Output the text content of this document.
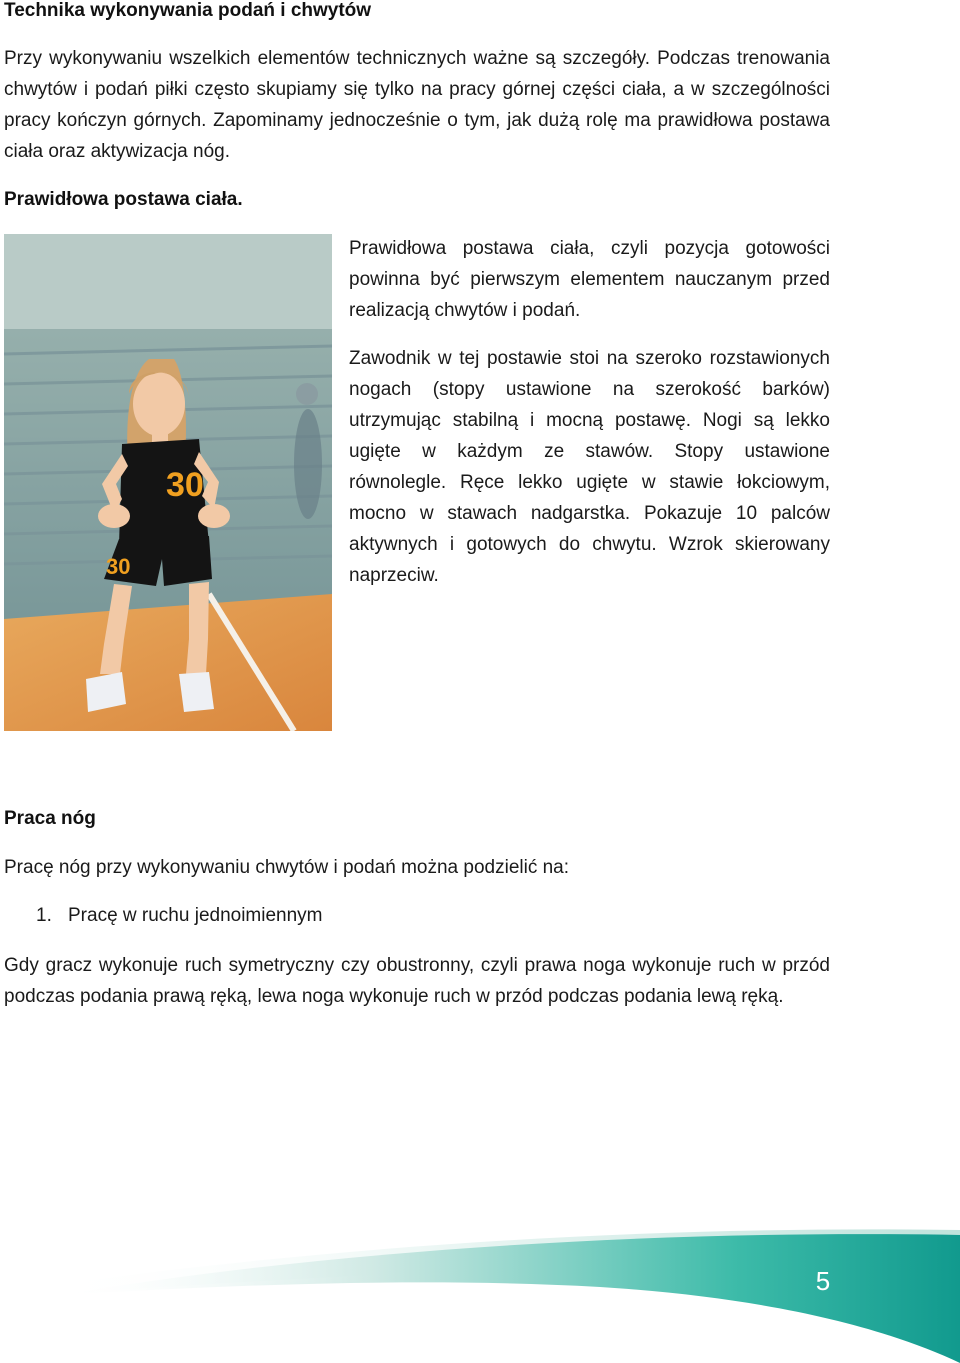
Technika wykonywania podań i chwytów

Przy wykonywaniu wszelkich elementów technicznych ważne są szczegóły. Podczas trenowania chwytów i podań piłki często skupiamy się tylko na pracy górnej części ciała, a w szczególności pracy kończyn górnych. Zapominamy jednocześnie o tym, jak dużą rolę ma prawidłowa postawa ciała oraz aktywizacja nóg.

Prawidłowa postawa ciała.
30
30

Prawidłowa postawa ciała, czyli pozycja gotowości powinna być pierwszym elementem nauczanym przed realizacją chwytów i podań.

Zawodnik w tej postawie stoi na szeroko rozstawionych nogach (stopy ustawione na szerokość barków) utrzymując stabilną i mocną postawę. Nogi są lekko ugięte w każdym ze stawów. Stopy ustawione równolegle. Ręce lekko ugięte w stawie łokciowym, mocno w stawach nadgarstka. Pokazuje 10 palców aktywnych i gotowych do chwytu. Wzrok skierowany naprzeciw.

Praca nóg

Pracę nóg przy wykonywaniu chwytów i podań można podzielić na:

1. Pracę w ruchu jednoimiennym

Gdy gracz wykonuje ruch symetryczny czy obustronny, czyli prawa noga wykonuje ruch w przód podczas podania prawą ręką, lewa noga wykonuje ruch w przód podczas podania lewą ręką.

5
